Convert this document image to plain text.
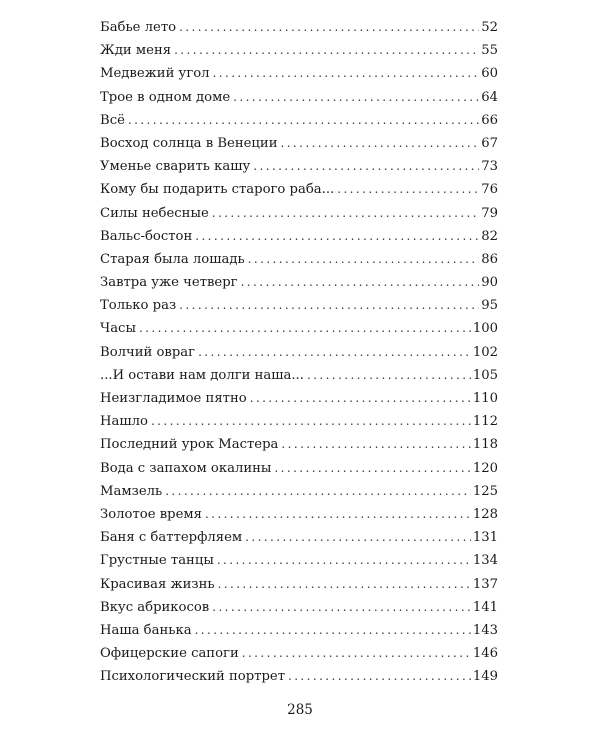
Бабье лето .....	52
Жди меня .....	55
Медвежий угол .....	60
Трое в одном доме .....	64
Всё .....	66
Восход солнца в Венеции .....	67
Уменье сварить кашу .....	73
Кому бы подарить старого раба... .....	76
Силы небесные .....	79
Вальс-бостон .....	82
Старая была лошадь .....	86
Завтра уже четверг .....	90
Только раз .....	95
Часы .....	100
Волчий овраг .....	102
...И остави нам долги наша... .....	105
Неизгладимое пятно .....	110
Нашло .....	112
Последний урок Мастера .....	118
Вода с запахом окалины .....	120
Мамзель .....	125
Золотое время .....	128
Баня с баттерфляем .....	131
Грустные танцы .....	134
Красивая жизнь .....	137
Вкус абрикосов .....	141
Наша банька .....	143
Офицерские сапоги .....	146
Психологический портрет .....	149
285
